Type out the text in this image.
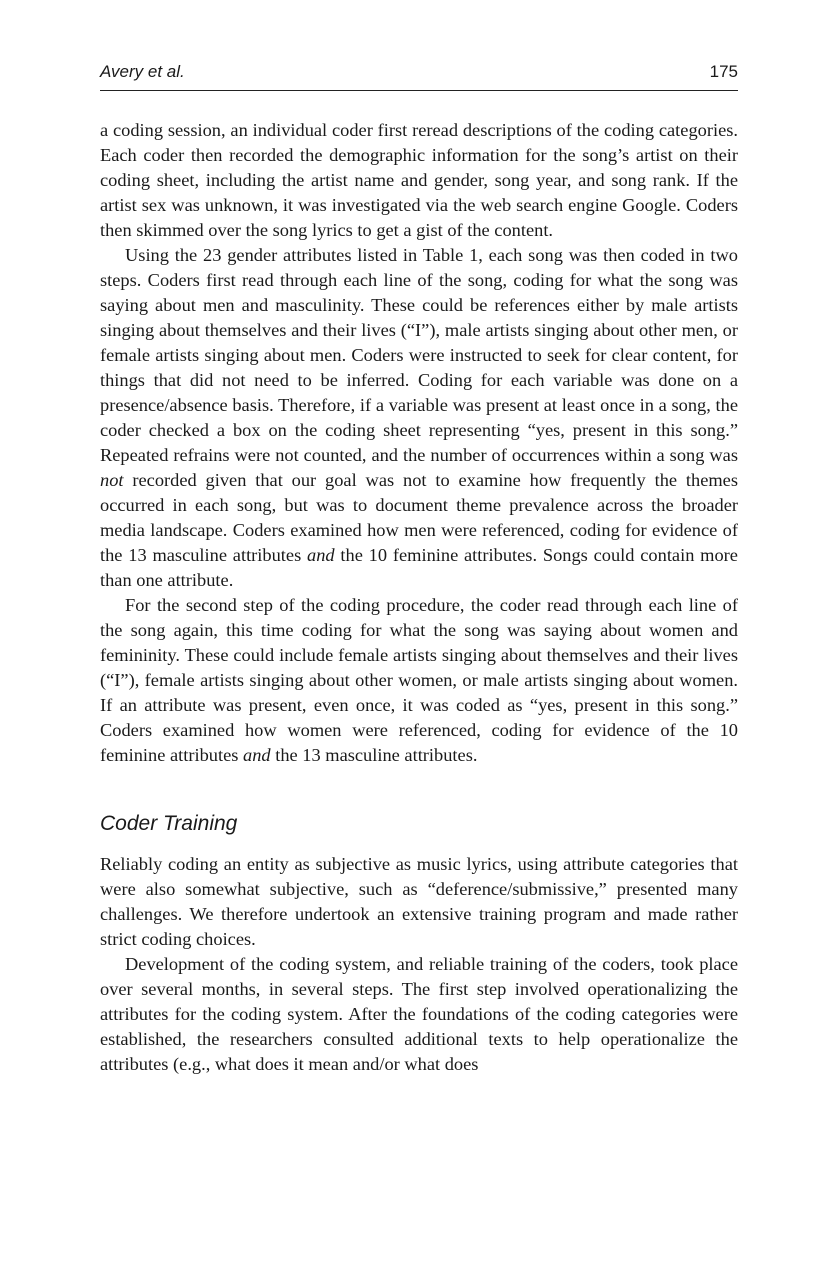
Avery et al.	175

a coding session, an individual coder first reread descriptions of the coding categories. Each coder then recorded the demographic information for the song’s artist on their coding sheet, including the artist name and gender, song year, and song rank. If the artist sex was unknown, it was investigated via the web search engine Google. Coders then skimmed over the song lyrics to get a gist of the content.

Using the 23 gender attributes listed in Table 1, each song was then coded in two steps. Coders first read through each line of the song, coding for what the song was saying about men and masculinity. These could be references either by male artists singing about themselves and their lives (“I”), male artists singing about other men, or female artists singing about men. Coders were instructed to seek for clear content, for things that did not need to be inferred. Coding for each variable was done on a presence/absence basis. Therefore, if a variable was present at least once in a song, the coder checked a box on the coding sheet representing “yes, present in this song.” Repeated refrains were not counted, and the number of occurrences within a song was not recorded given that our goal was not to examine how frequently the themes occurred in each song, but was to document theme prevalence across the broader media landscape. Coders examined how men were referenced, coding for evidence of the 13 masculine attributes and the 10 feminine attributes. Songs could contain more than one attribute.

For the second step of the coding procedure, the coder read through each line of the song again, this time coding for what the song was saying about women and femininity. These could include female artists singing about themselves and their lives (“I”), female artists singing about other women, or male artists singing about women. If an attribute was present, even once, it was coded as “yes, present in this song.” Coders examined how women were referenced, coding for evidence of the 10 feminine attributes and the 13 masculine attributes.

Coder Training

Reliably coding an entity as subjective as music lyrics, using attribute categories that were also somewhat subjective, such as “deference/submissive,” presented many challenges. We therefore undertook an extensive training program and made rather strict coding choices.

Development of the coding system, and reliable training of the coders, took place over several months, in several steps. The first step involved operationalizing the attributes for the coding system. After the foundations of the coding categories were established, the researchers consulted additional texts to help operationalize the attributes (e.g., what does it mean and/or what does
